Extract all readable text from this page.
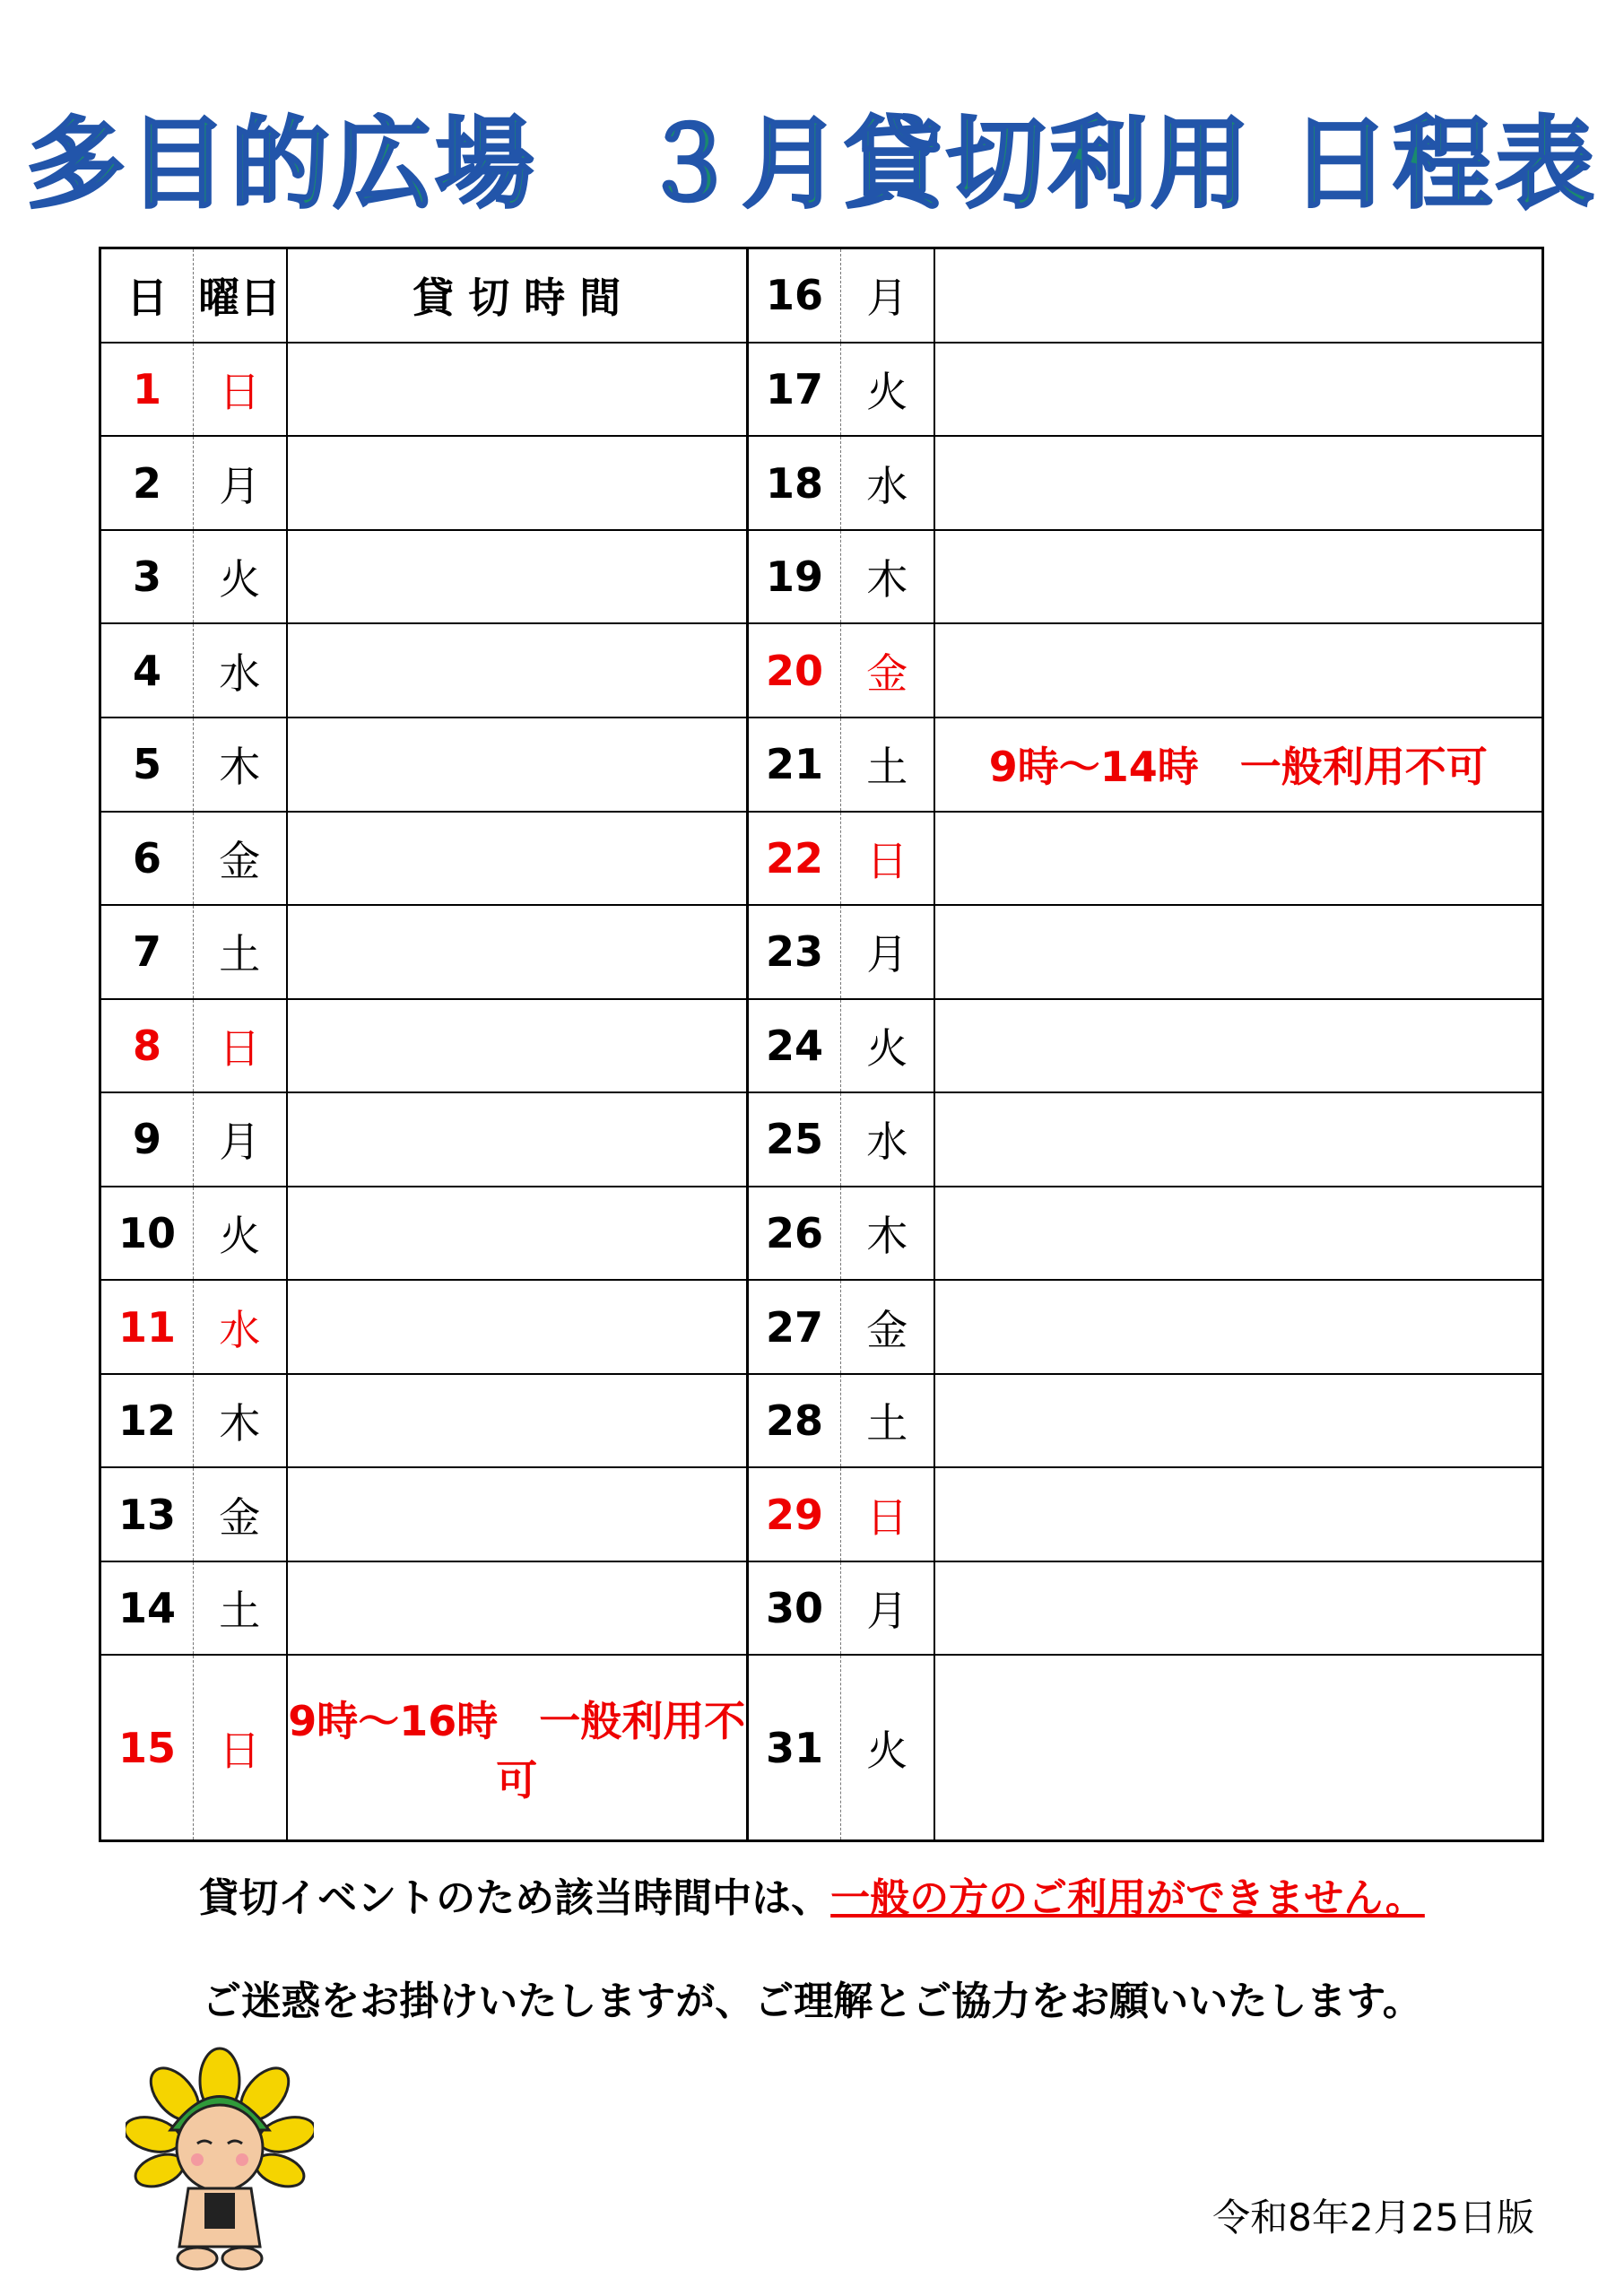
多目的広場　３月貸切利用 日程表
日	曜日	貸 切 時 間	16	月	
1	日		17	火	
2	月		18	水	
3	火		19	木	
4	水		20	金	
5	木		21	土	9時～14時　一般利用不可
6	金		22	日	
7	土		23	月	
8	日		24	火	
9	月		25	水	
10	火		26	木	
11	水		27	金	
12	木		28	土	
13	金		29	日	
14	土		30	月	
15	日	9時～16時　一般利用不可	31	火	
貸切イベントのため該当時間中は、一般の方のご利用ができません。
ご迷惑をお掛けいたしますが、ご理解とご協力をお願いいたします。
令和8年2月25日版
